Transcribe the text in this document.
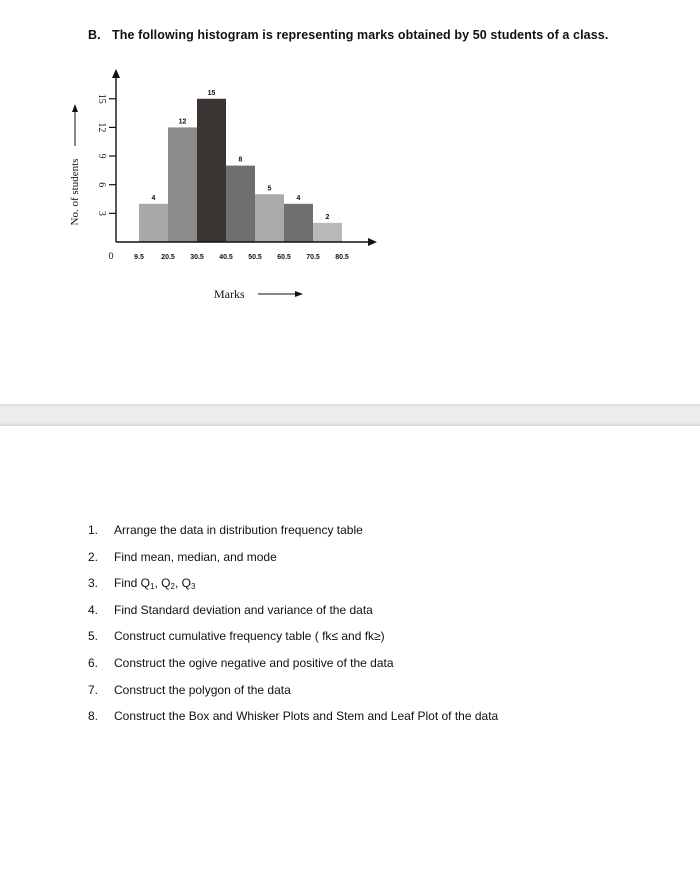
B. The following histogram is representing marks obtained by 50 students of a class.
4
12
15
8
5
4
2
3
6
9
12
15
0	9.5 20.5 30.5 40.5 50.5 60.5 70.5 80.5
No. of students
Marks
1. Arrange the data in distribution frequency table
2. Find mean, median, and mode
3. Find $Q_1$, $Q_2$, $Q_3$
4. Find Standard deviation and variance of the data
5. Construct cumulative frequency table ( fk≤ and fk≥)
6. Construct the ogive negative and positive of the data
7. Construct the polygon of the data
8. Construct the Box and Whisker Plots and Stem and Leaf Plot of the data
